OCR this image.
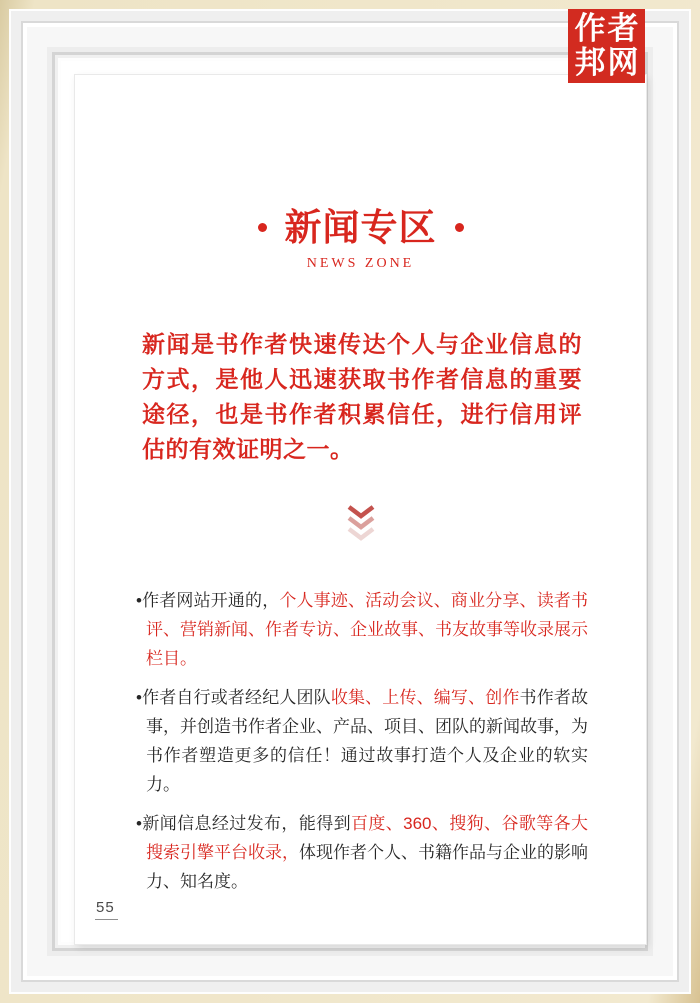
新闻专区
NEWS ZONE

新闻是书作者快速传达个人与企业信息的方式，是他人迅速获取书作者信息的重要途径，也是书作者积累信任，进行信用评估的有效证明之一。

•作者网站开通的，个人事迹、活动会议、商业分享、读者书评、营销新闻、作者专访、企业故事、书友故事等收录展示栏目。
•作者自行或者经纪人团队收集、上传、编写、创作书作者故事，并创造书作者企业、产品、项目、团队的新闻故事，为书作者塑造更多的信任！通过故事打造个人及企业的软实力。
•新闻信息经过发布，能得到百度、360、搜狗、谷歌等各大搜索引擎平台收录，体现作者个人、书籍作品与企业的影响力、知名度。
55
作者
邦网
